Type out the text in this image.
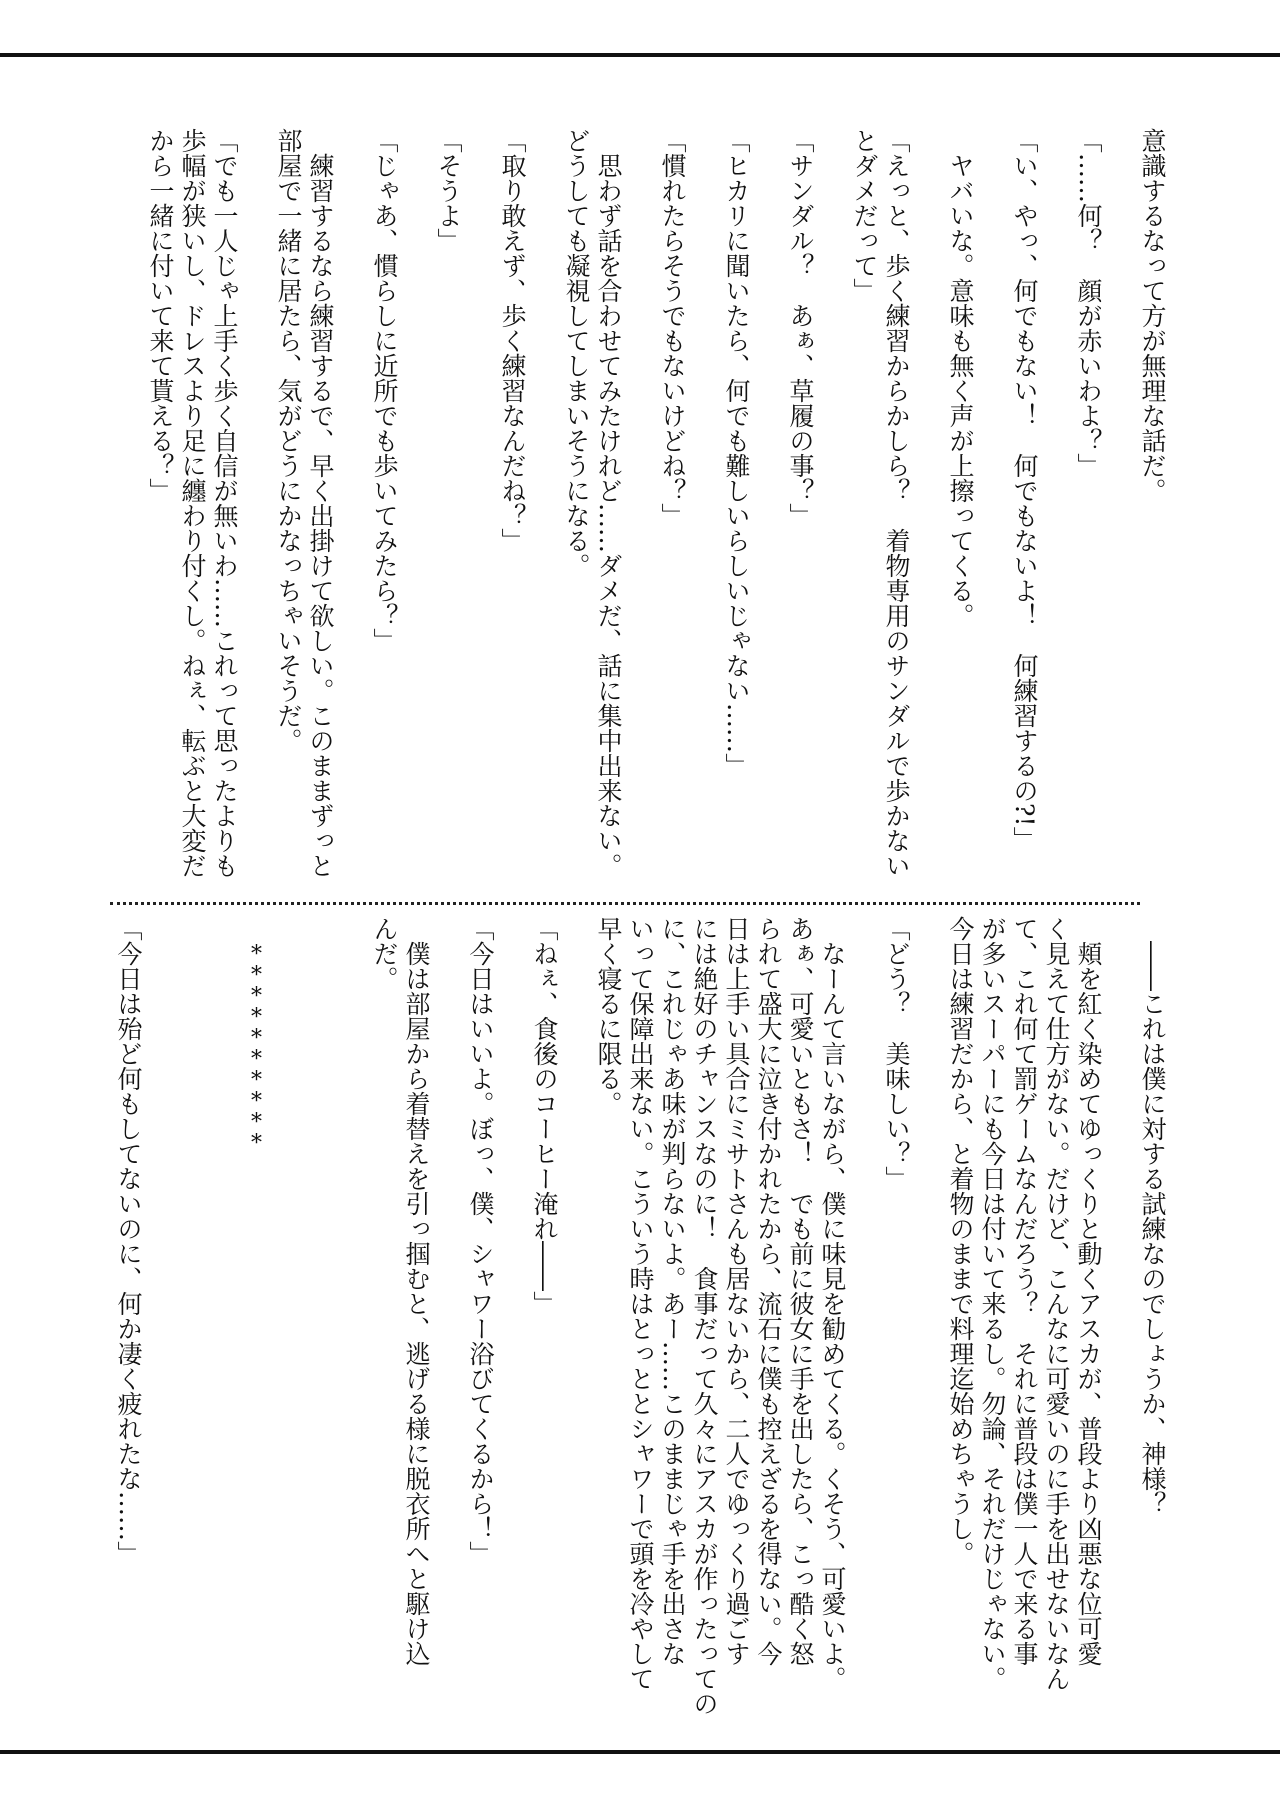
意識するなって方が無理な話だ。
「……何？　顔が赤いわよ？」
「い、やっ、何でもない！　何でもないよ！　何練習するの?!」
ヤバいな。意味も無く声が上擦ってくる。
「えっと、歩く練習からかしら？　着物専用のサンダルで歩かない
とダメだって」
「サンダル？　あぁ、草履の事？」
「ヒカリに聞いたら、何でも難しいらしいじゃない……」
「慣れたらそうでもないけどね？」
思わず話を合わせてみたけれど……ダメだ、話に集中出来ない。
どうしても凝視してしまいそうになる。
「取り敢えず、歩く練習なんだね？」
「そうよ」
「じゃあ、慣らしに近所でも歩いてみたら？」
練習するなら練習するで、早く出掛けて欲しい。このままずっと
部屋で一緒に居たら、気がどうにかなっちゃいそうだ。
「でも一人じゃ上手く歩く自信が無いわ……これって思ったよりも
歩幅が狭いし、ドレスより足に纏わり付くし。ねぇ、転ぶと大変だ
から一緒に付いて来て貰える？」
――これは僕に対する試練なのでしょうか、神様？
頬を紅く染めてゆっくりと動くアスカが、普段より凶悪な位可愛
く見えて仕方がない。だけど、こんなに可愛いのに手を出せないなん
て、これ何て罰ゲームなんだろう？　それに普段は僕一人で来る事
が多いスーパーにも今日は付いて来るし。勿論、それだけじゃない。
今日は練習だから、と着物のままで料理迄始めちゃうし。
「どう？　美味しい？」
なーんて言いながら、僕に味見を勧めてくる。くそう、可愛いよ。
あぁ、可愛いともさ！　でも前に彼女に手を出したら、こっ酷く怒
られて盛大に泣き付かれたから、流石に僕も控えざるを得ない。今
日は上手い具合にミサトさんも居ないから、二人でゆっくり過ごす
には絶好のチャンスなのに！　食事だって久々にアスカが作ったっての
に、これじゃあ味が判らないよ。あー……このままじゃ手を出さな
いって保障出来ない。こういう時はとっととシャワーで頭を冷やして
早く寝るに限る。
「ねぇ、食後のコーヒー淹れ――」
「今日はいいよ。ぼっ、僕、シャワー浴びてくるから！」
僕は部屋から着替えを引っ掴むと、逃げる様に脱衣所へと駆け込
んだ。
**********
「今日は殆ど何もしてないのに、何か凄く疲れたな……」
